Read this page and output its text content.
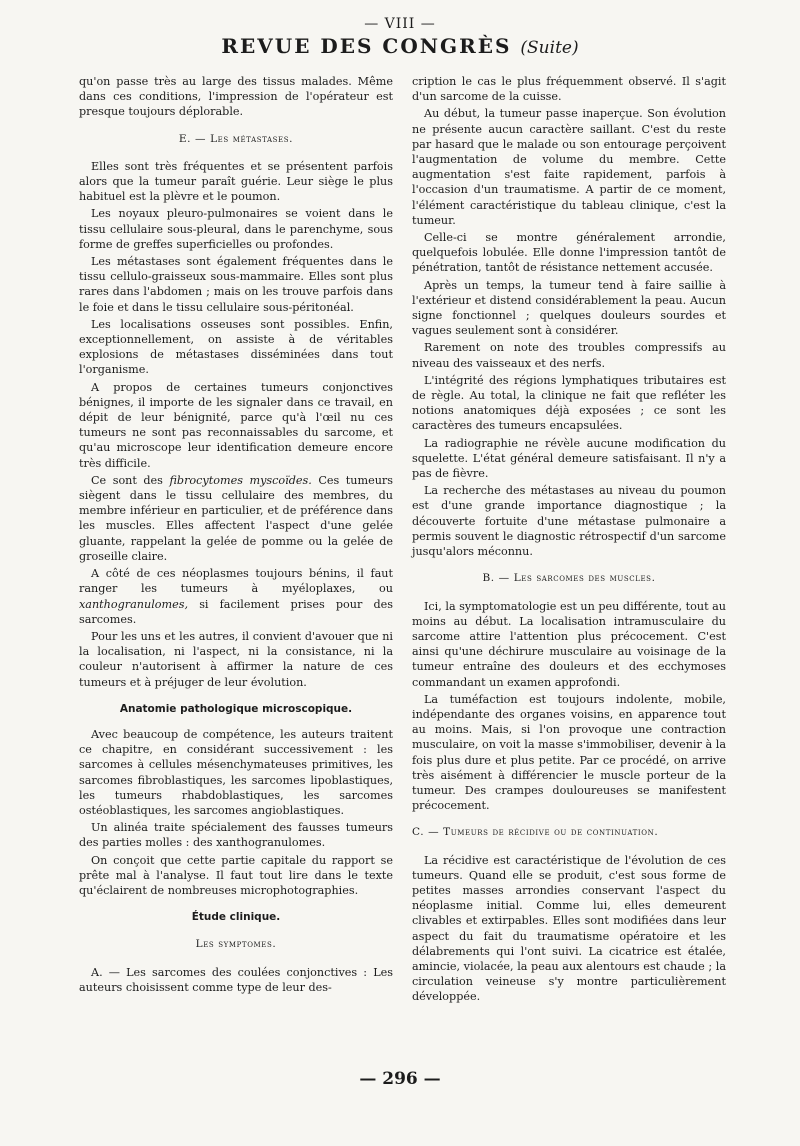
— VIII —
REVUE DES CONGRÈS (Suite)

qu'on passe très au large des tissus malades. Même dans ces conditions, l'impression de l'opérateur est presque toujours déplorable.

E. — Les métastases.

Elles sont très fréquentes et se présentent parfois alors que la tumeur paraît guérie. Leur siège le plus habituel est la plèvre et le poumon.

Les noyaux pleuro-pulmonaires se voient dans le tissu cellulaire sous-pleural, dans le parenchyme, sous forme de greffes superficielles ou profondes.

Les métastases sont également fréquentes dans le tissu cellulo-graisseux sous-mammaire. Elles sont plus rares dans l'abdomen ; mais on les trouve parfois dans le foie et dans le tissu cellulaire sous-péritonéal.

Les localisations osseuses sont possibles. Enfin, exceptionnellement, on assiste à de véritables explosions de métastases disséminées dans tout l'organisme.

A propos de certaines tumeurs conjonctives bénignes, il importe de les signaler dans ce travail, en dépit de leur bénignité, parce qu'à l'œil nu ces tumeurs ne sont pas reconnaissables du sarcome, et qu'au microscope leur identification demeure encore très difficile.

Ce sont des fibrocytomes myscoïdes. Ces tumeurs siègent dans le tissu cellulaire des membres, du membre inférieur en particulier, et de préférence dans les muscles. Elles affectent l'aspect d'une gelée gluante, rappelant la gelée de pomme ou la gelée de groseille claire.

A côté de ces néoplasmes toujours bénins, il faut ranger les tumeurs à myéloplaxes, ou xanthogranulomes, si facilement prises pour des sarcomes.

Pour les uns et les autres, il convient d'avouer que ni la localisation, ni l'aspect, ni la consistance, ni la couleur n'autorisent à affirmer la nature de ces tumeurs et à préjuger de leur évolution.

Anatomie pathologique microscopique.

Avec beaucoup de compétence, les auteurs traitent ce chapitre, en considérant successivement : les sarcomes à cellules mésenchymateuses primitives, les sarcomes fibroblastiques, les sarcomes lipoblastiques, les tumeurs rhabdoblastiques, les sarcomes ostéoblastiques, les sarcomes angioblastiques.

Un alinéa traite spécialement des fausses tumeurs des parties molles : des xanthogranulomes.

On conçoit que cette partie capitale du rapport se prête mal à l'analyse. Il faut tout lire dans le texte qu'éclairent de nombreuses microphotographies.

Étude clinique.
Les symptomes.

A. — Les sarcomes des coulées conjonctives : Les auteurs choisissent comme type de leur des-

cription le cas le plus fréquemment observé. Il s'agit d'un sarcome de la cuisse.

Au début, la tumeur passe inaperçue. Son évolution ne présente aucun caractère saillant. C'est du reste par hasard que le malade ou son entourage perçoivent l'augmentation de volume du membre. Cette augmentation s'est faite rapidement, parfois à l'occasion d'un traumatisme. A partir de ce moment, l'élément caractéristique du tableau clinique, c'est la tumeur.

Celle-ci se montre généralement arrondie, quelquefois lobulée. Elle donne l'impression tantôt de pénétration, tantôt de résistance nettement accusée.

Après un temps, la tumeur tend à faire saillie à l'extérieur et distend considérablement la peau. Aucun signe fonctionnel ; quelques douleurs sourdes et vagues seulement sont à considérer.

Rarement on note des troubles compressifs au niveau des vaisseaux et des nerfs.

L'intégrité des régions lymphatiques tributaires est de règle. Au total, la clinique ne fait que refléter les notions anatomiques déjà exposées ; ce sont les caractères des tumeurs encapsulées.

La radiographie ne révèle aucune modification du squelette. L'état général demeure satisfaisant. Il n'y a pas de fièvre.

La recherche des métastases au niveau du poumon est d'une grande importance diagnostique ; la découverte fortuite d'une métastase pulmonaire a permis souvent le diagnostic rétrospectif d'un sarcome jusqu'alors méconnu.

B. — Les sarcomes des muscles.

Ici, la symptomatologie est un peu différente, tout au moins au début. La localisation intramusculaire du sarcome attire l'attention plus précocement. C'est ainsi qu'une déchirure musculaire au voisinage de la tumeur entraîne des douleurs et des ecchymoses commandant un examen approfondi.

La tuméfaction est toujours indolente, mobile, indépendante des organes voisins, en apparence tout au moins. Mais, si l'on provoque une contraction musculaire, on voit la masse s'immobiliser, devenir à la fois plus dure et plus petite. Par ce procédé, on arrive très aisément à différencier le muscle porteur de la tumeur. Des crampes douloureuses se manifestent précocement.

C. — Tumeurs de récidive ou de continuation.

La récidive est caractéristique de l'évolution de ces tumeurs. Quand elle se produit, c'est sous forme de petites masses arrondies conservant l'aspect du néoplasme initial. Comme lui, elles demeurent clivables et extirpables. Elles sont modifiées dans leur aspect du fait du traumatisme opératoire et les délabrements qui l'ont suivi. La cicatrice est étalée, amincie, violacée, la peau aux alentours est chaude ; la circulation veineuse s'y montre particulièrement développée.

— 296 —
